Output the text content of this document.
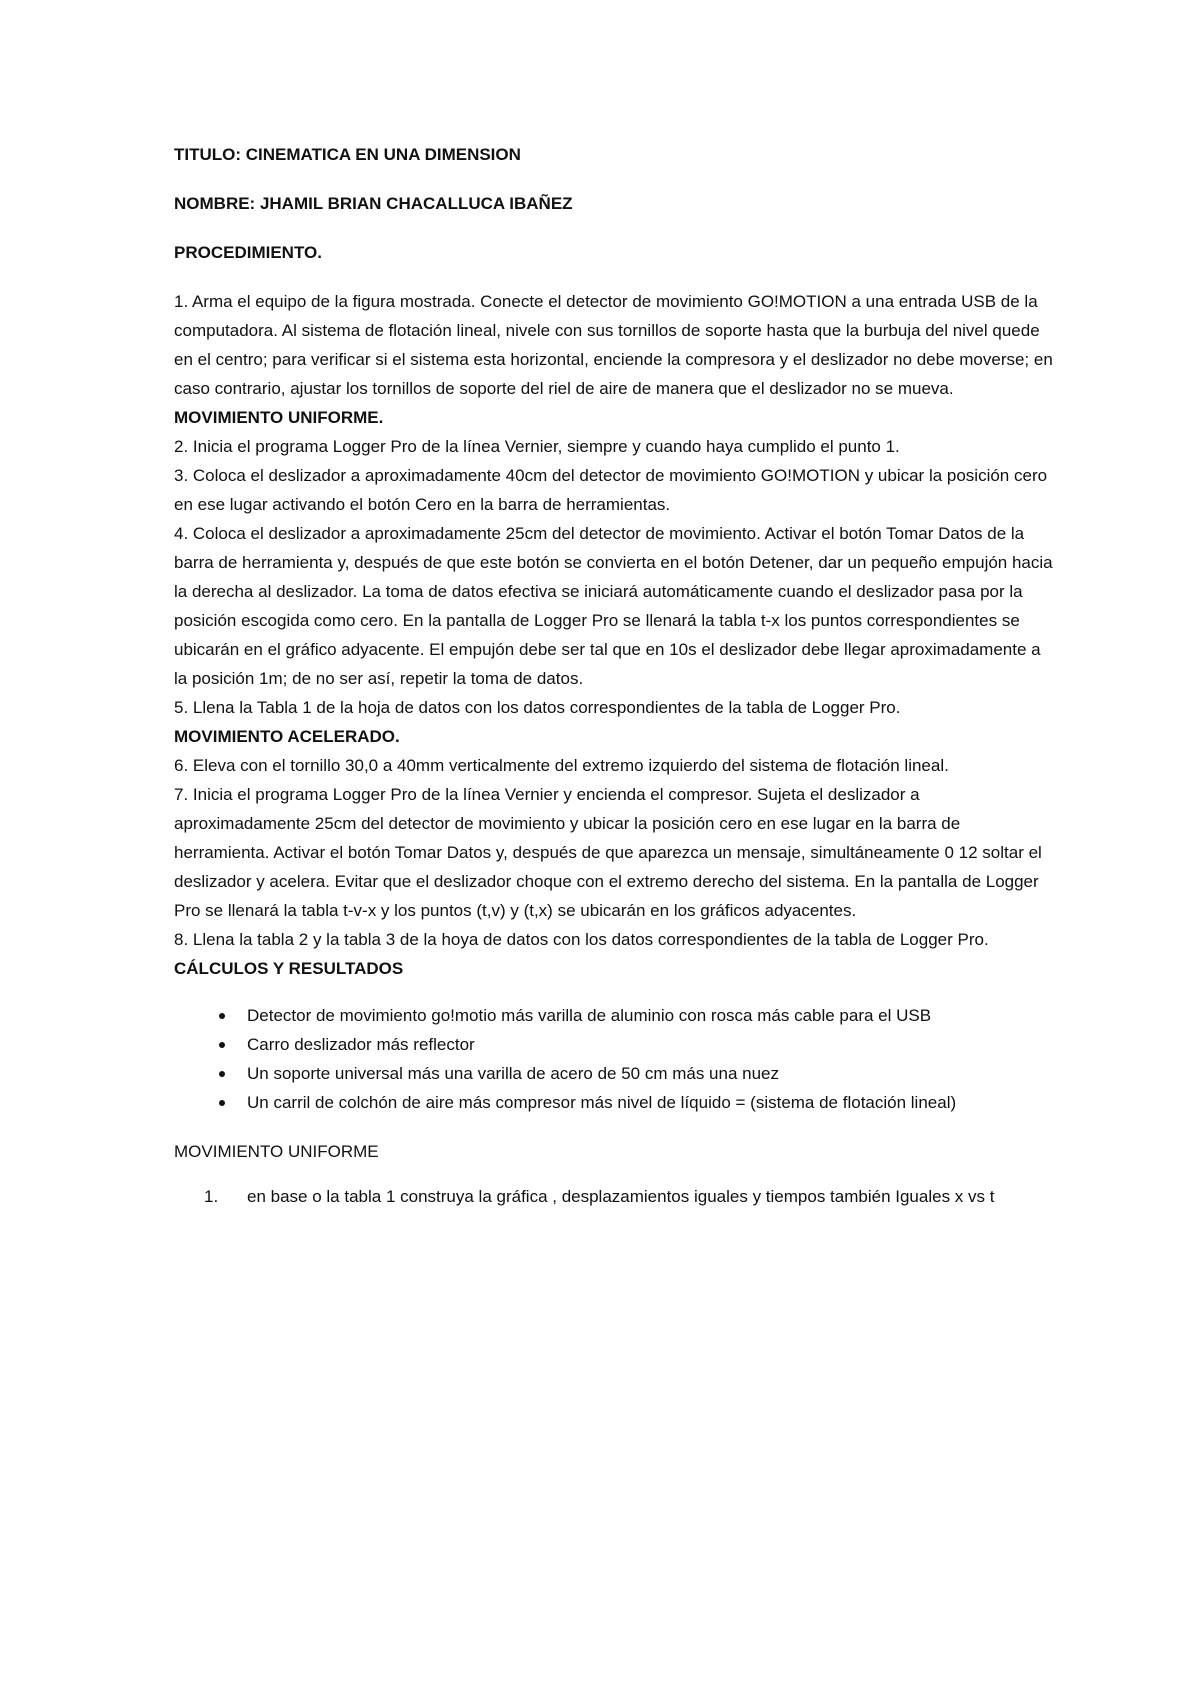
TITULO: CINEMATICA EN UNA DIMENSION

NOMBRE: JHAMIL BRIAN CHACALLUCA IBAÑEZ

PROCEDIMIENTO.

1. Arma el equipo de la figura mostrada. Conecte el detector de movimiento GO!MOTION a una entrada USB de la computadora. Al sistema de flotación lineal, nivele con sus tornillos de soporte hasta que la burbuja del nivel quede en el centro; para verificar si el sistema esta horizontal, enciende la compresora y el deslizador no debe moverse; en caso contrario, ajustar los tornillos de soporte del riel de aire de manera que el deslizador no se mueva.

MOVIMIENTO UNIFORME.

2. Inicia el programa Logger Pro de la línea Vernier, siempre y cuando haya cumplido el punto 1.

3. Coloca el deslizador a aproximadamente 40cm del detector de movimiento GO!MOTION y ubicar la posición cero en ese lugar activando el botón Cero en la barra de herramientas.

4. Coloca el deslizador a aproximadamente 25cm del detector de movimiento. Activar el botón Tomar Datos de la barra de herramienta y, después de que este botón se convierta en el botón Detener, dar un pequeño empujón hacia la derecha al deslizador. La toma de datos efectiva se iniciará automáticamente cuando el deslizador pasa por la posición escogida como cero. En la pantalla de Logger Pro se llenará la tabla t-x los puntos correspondientes se ubicarán en el gráfico adyacente. El empujón debe ser tal que en 10s el deslizador debe llegar aproximadamente a la posición 1m; de no ser así, repetir la toma de datos.

5. Llena la Tabla 1 de la hoja de datos con los datos correspondientes de la tabla de Logger Pro.

MOVIMIENTO ACELERADO.

6. Eleva con el tornillo 30,0 a 40mm verticalmente del extremo izquierdo del sistema de flotación lineal.

7. Inicia el programa Logger Pro de la línea Vernier y encienda el compresor. Sujeta el deslizador a aproximadamente 25cm del detector de movimiento y ubicar la posición cero en ese lugar en la barra de herramienta. Activar el botón Tomar Datos y, después de que aparezca un mensaje, simultáneamente 0 12 soltar el deslizador y acelera. Evitar que el deslizador choque con el extremo derecho del sistema. En la pantalla de Logger Pro se llenará la tabla t-v-x y los puntos (t,v) y (t,x) se ubicarán en los gráficos adyacentes.

8. Llena la tabla 2 y la tabla 3 de la hoya de datos con los datos correspondientes de la tabla de Logger Pro.

CÁLCULOS Y RESULTADOS

Detector de movimiento go!motio más varilla de aluminio con rosca más cable para el USB
Carro deslizador más reflector
Un soporte universal más una varilla de acero de 50 cm más una nuez
Un carril de colchón de aire más compresor más nivel de líquido = (sistema de flotación lineal)

MOVIMIENTO UNIFORME

1. en base o la tabla 1 construya la gráfica , desplazamientos iguales y tiempos también Iguales x vs t
